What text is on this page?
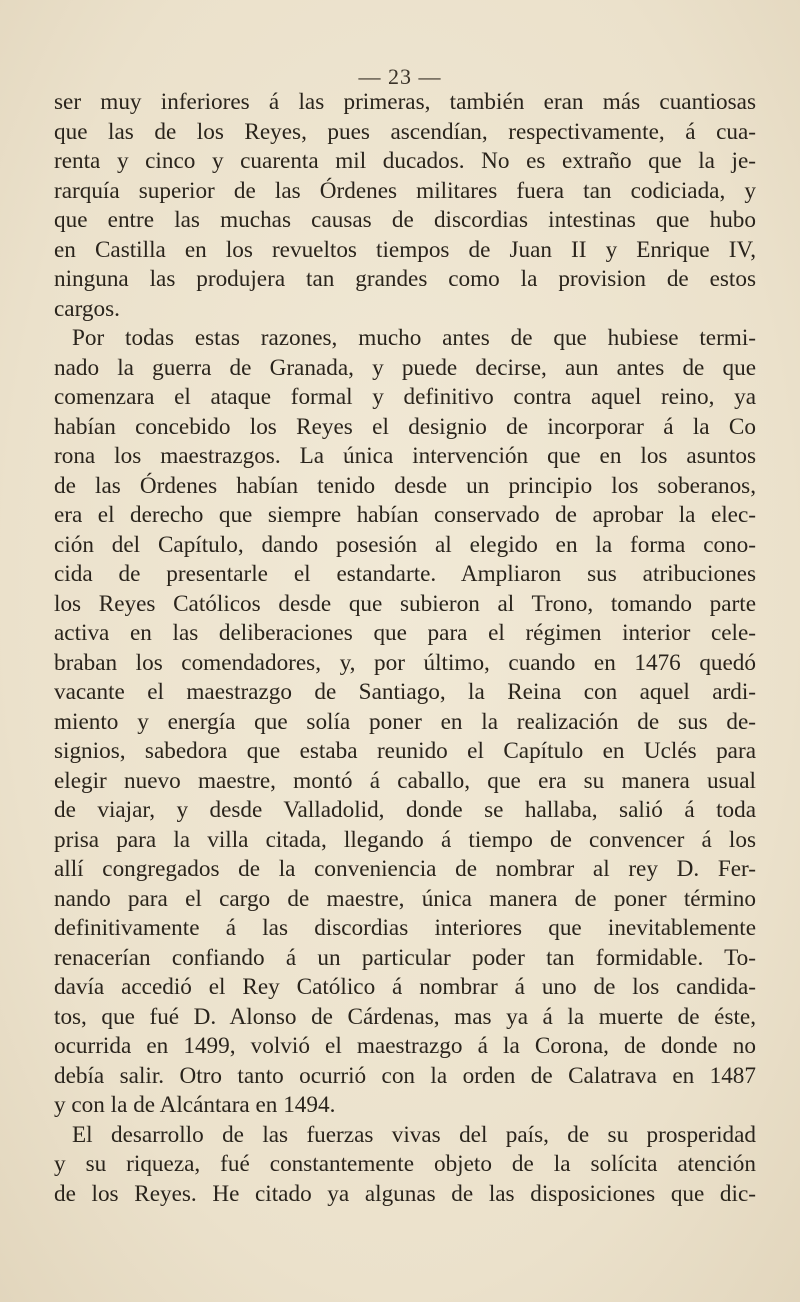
— 23 —
ser muy inferiores á las primeras, también eran más cuantiosas
que las de los Reyes, pues ascendían, respectivamente, á cua-
renta y cinco y cuarenta mil ducados. No es extraño que la je-
rarquía superior de las Órdenes militares fuera tan codiciada, y
que entre las muchas causas de discordias intestinas que hubo
en Castilla en los revueltos tiempos de Juan II y Enrique IV,
ninguna las produjera tan grandes como la provision de estos
cargos.
Por todas estas razones, mucho antes de que hubiese termi-
nado la guerra de Granada, y puede decirse, aun antes de que
comenzara el ataque formal y definitivo contra aquel reino, ya
habían concebido los Reyes el designio de incorporar á la Co
rona los maestrazgos. La única intervención que en los asuntos
de las Órdenes habían tenido desde un principio los soberanos,
era el derecho que siempre habían conservado de aprobar la elec-
ción del Capítulo, dando posesión al elegido en la forma cono-
cida de presentarle el estandarte. Ampliaron sus atribuciones
los Reyes Católicos desde que subieron al Trono, tomando parte
activa en las deliberaciones que para el régimen interior cele-
braban los comendadores, y, por último, cuando en 1476 quedó
vacante el maestrazgo de Santiago, la Reina con aquel ardi-
miento y energía que solía poner en la realización de sus de-
signios, sabedora que estaba reunido el Capítulo en Uclés para
elegir nuevo maestre, montó á caballo, que era su manera usual
de viajar, y desde Valladolid, donde se hallaba, salió á toda
prisa para la villa citada, llegando á tiempo de convencer á los
allí congregados de la conveniencia de nombrar al rey D. Fer-
nando para el cargo de maestre, única manera de poner término
definitivamente á las discordias interiores que inevitablemente
renacerían confiando á un particular poder tan formidable. To-
davía accedió el Rey Católico á nombrar á uno de los candida-
tos, que fué D. Alonso de Cárdenas, mas ya á la muerte de éste,
ocurrida en 1499, volvió el maestrazgo á la Corona, de donde no
debía salir. Otro tanto ocurrió con la orden de Calatrava en 1487
y con la de Alcántara en 1494.
El desarrollo de las fuerzas vivas del país, de su prosperidad
y su riqueza, fué constantemente objeto de la solícita atención
de los Reyes. He citado ya algunas de las disposiciones que dic-
